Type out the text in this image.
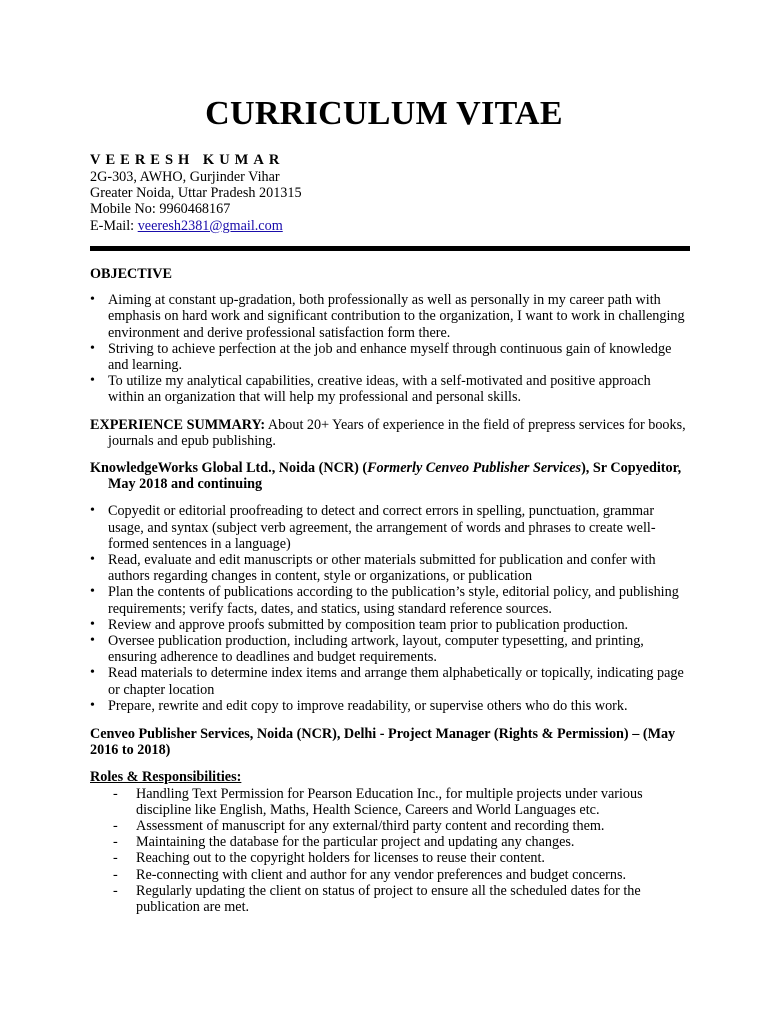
CURRICULUM VITAE
VEERESH KUMAR
2G-303, AWHO, Gurjinder Vihar
Greater Noida, Uttar Pradesh 201315
Mobile No: 9960468167
E-Mail: veeresh2381@gmail.com
OBJECTIVE
• Aiming at constant up-gradation, both professionally as well as personally in my career path with emphasis on hard work and significant contribution to the organization, I want to work in challenging environment and derive professional satisfaction form there.
• Striving to achieve perfection at the job and enhance myself through continuous gain of knowledge and learning.
• To utilize my analytical capabilities, creative ideas, with a self-motivated and positive approach within an organization that will help my professional and personal skills.
EXPERIENCE SUMMARY: About 20+ Years of experience in the field of prepress services for books, journals and epub publishing.
KnowledgeWorks Global Ltd., Noida (NCR) (Formerly Cenveo Publisher Services), Sr Copyeditor, May 2018 and continuing
• Copyedit or editorial proofreading to detect and correct errors in spelling, punctuation, grammar usage, and syntax (subject verb agreement, the arrangement of words and phrases to create well-formed sentences in a language)
• Read, evaluate and edit manuscripts or other materials submitted for publication and confer with authors regarding changes in content, style or organizations, or publication
• Plan the contents of publications according to the publication’s style, editorial policy, and publishing requirements; verify facts, dates, and statics, using standard reference sources.
• Review and approve proofs submitted by composition team prior to publication production.
• Oversee publication production, including artwork, layout, computer typesetting, and printing, ensuring adherence to deadlines and budget requirements.
• Read materials to determine index items and arrange them alphabetically or topically, indicating page or chapter location
• Prepare, rewrite and edit copy to improve readability, or supervise others who do this work.
Cenveo Publisher Services, Noida (NCR), Delhi - Project Manager (Rights & Permission) – (May 2016 to 2018)
Roles & Responsibilities:
- Handling Text Permission for Pearson Education Inc., for multiple projects under various discipline like English, Maths, Health Science, Careers and World Languages etc.
- Assessment of manuscript for any external/third party content and recording them.
- Maintaining the database for the particular project and updating any changes.
- Reaching out to the copyright holders for licenses to reuse their content.
- Re-connecting with client and author for any vendor preferences and budget concerns.
- Regularly updating the client on status of project to ensure all the scheduled dates for the publication are met.
